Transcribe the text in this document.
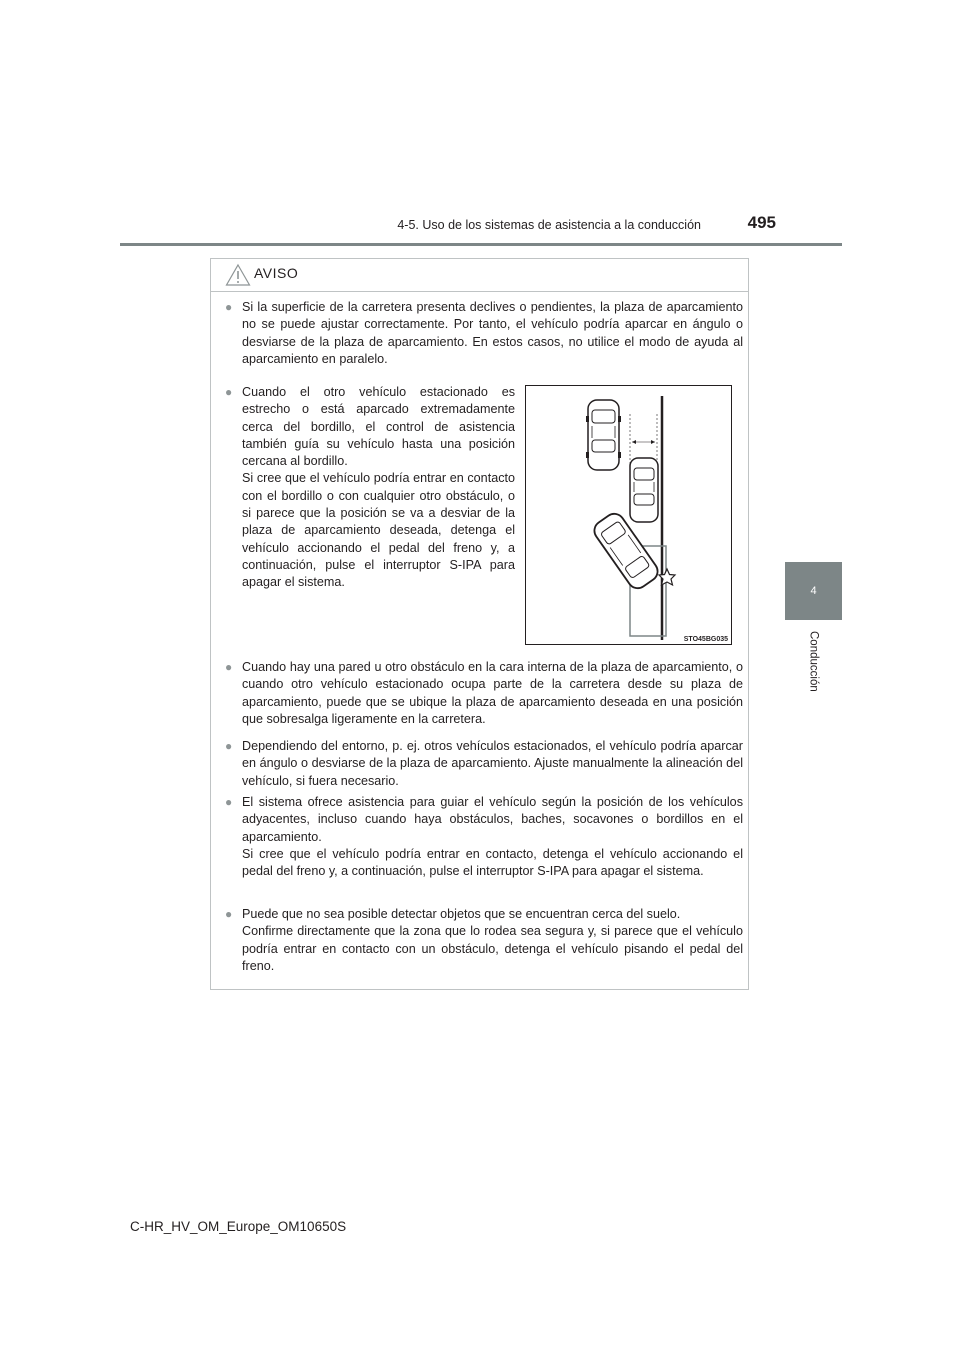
4-5. Uso de los sistemas de asistencia a la conducción	495
4
Conducción
AVISO
● Si la superficie de la carretera presenta declives o pendientes, la plaza de aparcamiento no se puede ajustar correctamente. Por tanto, el vehículo podría aparcar en ángulo o desviarse de la plaza de aparcamiento. En estos casos, no utilice el modo de ayuda al aparcamiento en paralelo.

● Cuando el otro vehículo estacionado es estrecho o está aparcado extremadamente cerca del bordillo, el control de asistencia también guía su vehículo hasta una posición cercana al bordillo.

Si cree que el vehículo podría entrar en contacto con el bordillo o con cualquier otro obstáculo, o si parece que la posición se va a desviar de la plaza de aparcamiento deseada, detenga el vehículo accionando el pedal del freno y, a continuación, pulse el interruptor S-IPA para apagar el sistema.

STO45BG035
● Cuando hay una pared u otro obstáculo en la cara interna de la plaza de aparcamiento, o cuando otro vehículo estacionado ocupa parte de la carretera desde su plaza de aparcamiento, puede que se ubique la plaza de aparcamiento deseada en una posición que sobresalga ligeramente en la carretera.

● Dependiendo del entorno, p. ej. otros vehículos estacionados, el vehículo podría aparcar en ángulo o desviarse de la plaza de aparcamiento. Ajuste manualmente la alineación del vehículo, si fuera necesario.

● El sistema ofrece asistencia para guiar el vehículo según la posición de los vehículos adyacentes, incluso cuando haya obstáculos, baches, socavones o bordillos en el aparcamiento.

Si cree que el vehículo podría entrar en contacto, detenga el vehículo accionando el pedal del freno y, a continuación, pulse el interruptor S-IPA para apagar el sistema.

● Puede que no sea posible detectar objetos que se encuentran cerca del suelo.

Confirme directamente que la zona que lo rodea sea segura y, si parece que el vehículo podría entrar en contacto con un obstáculo, detenga el vehículo pisando el pedal del freno.

C-HR_HV_OM_Europe_OM10650S
